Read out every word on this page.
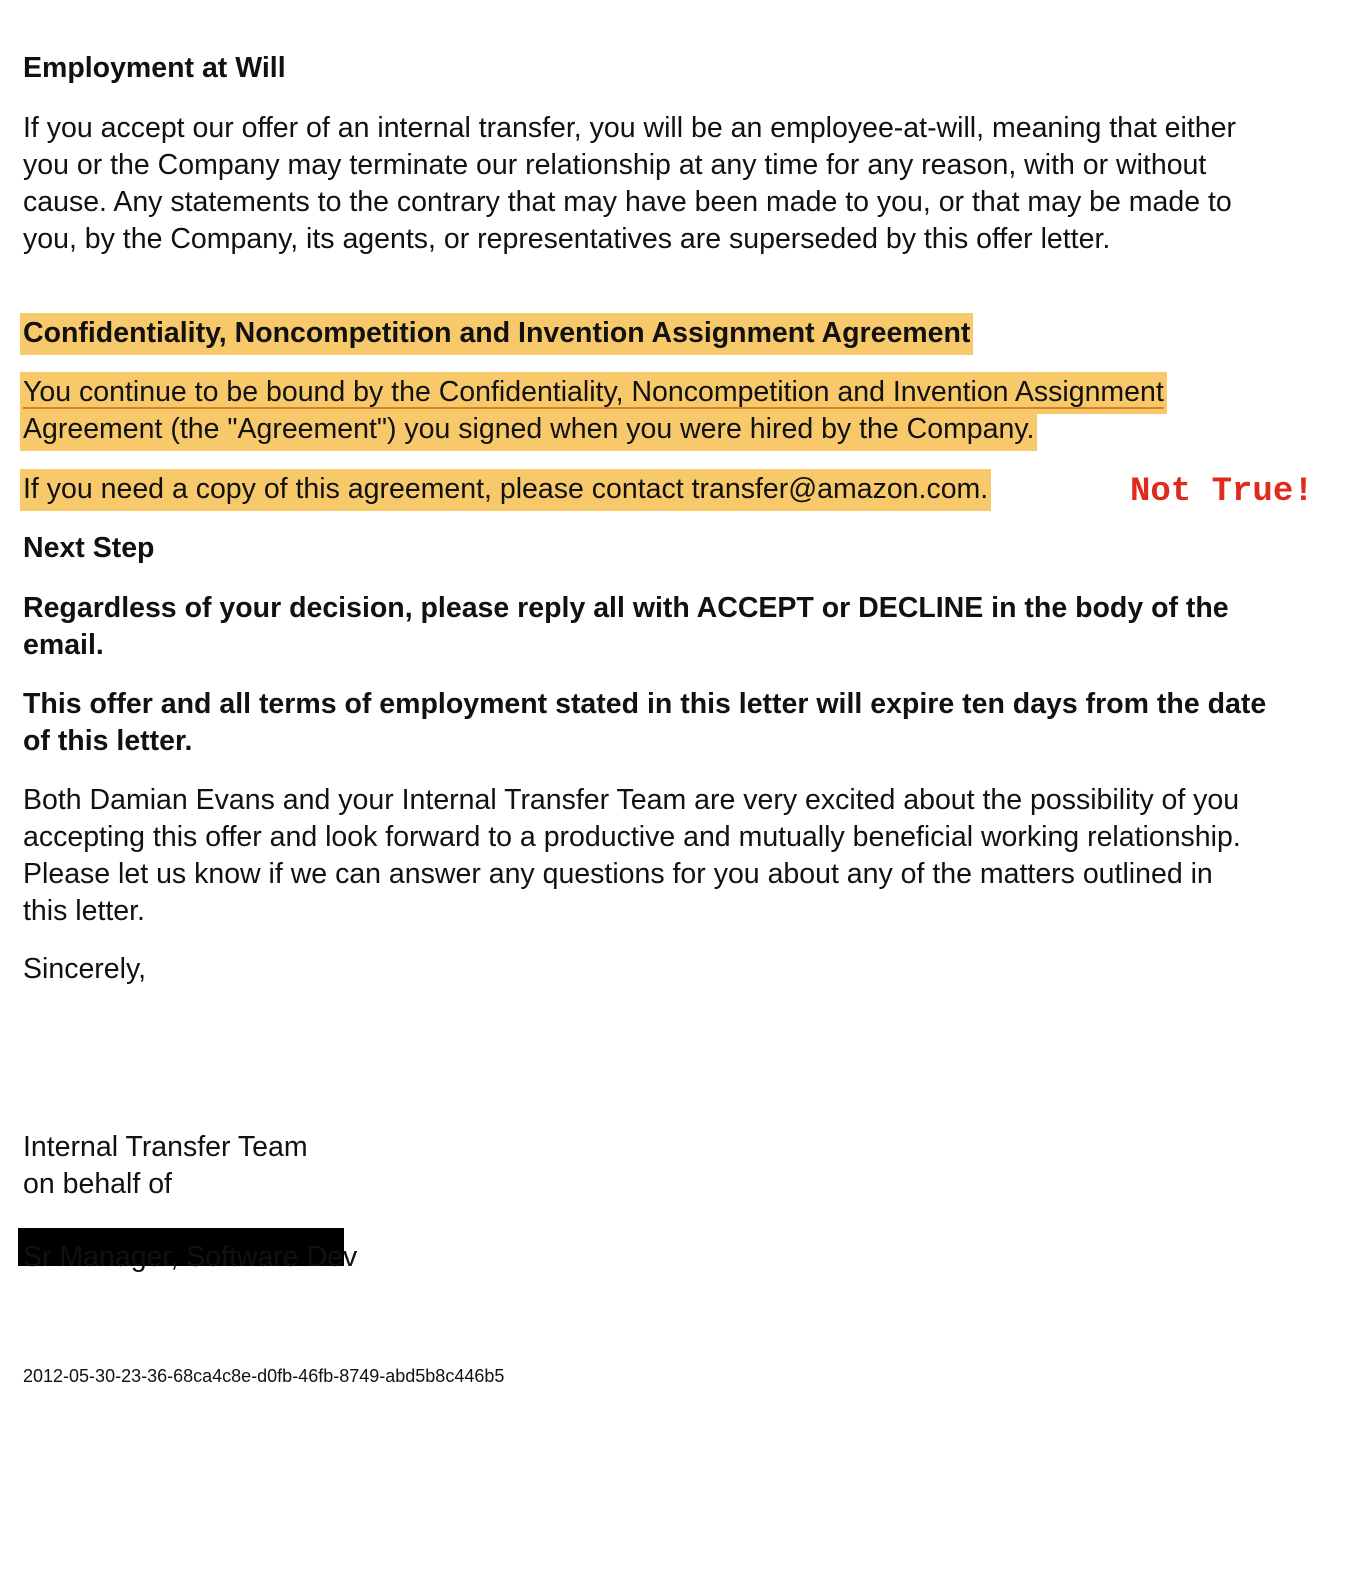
Employment at Will

If you accept our offer of an internal transfer, you will be an employee-at-will, meaning that either you or the Company may terminate our relationship at any time for any reason, with or without cause. Any statements to the contrary that may have been made to you, or that may be made to you, by the Company, its agents, or representatives are superseded by this offer letter.

Confidentiality, Noncompetition and Invention Assignment Agreement

You continue to be bound by the Confidentiality, Noncompetition and Invention Assignment
Agreement (the "Agreement") you signed when you were hired by the Company.

If you need a copy of this agreement, please contact transfer@amazon.com.	Not True!

Next Step

Regardless of your decision, please reply all with ACCEPT or DECLINE in the body of the email.

This offer and all terms of employment stated in this letter will expire ten days from the date of this letter.

Both Damian Evans and your Internal Transfer Team are very excited about the possibility of you accepting this offer and look forward to a productive and mutually beneficial working relationship. Please let us know if we can answer any questions for you about any of the matters outlined in this letter.

Sincerely,

Internal Transfer Team

on behalf of

Sr Manager, Software Dev

2012-05-30-23-36-68ca4c8e-d0fb-46fb-8749-abd5b8c446b5
